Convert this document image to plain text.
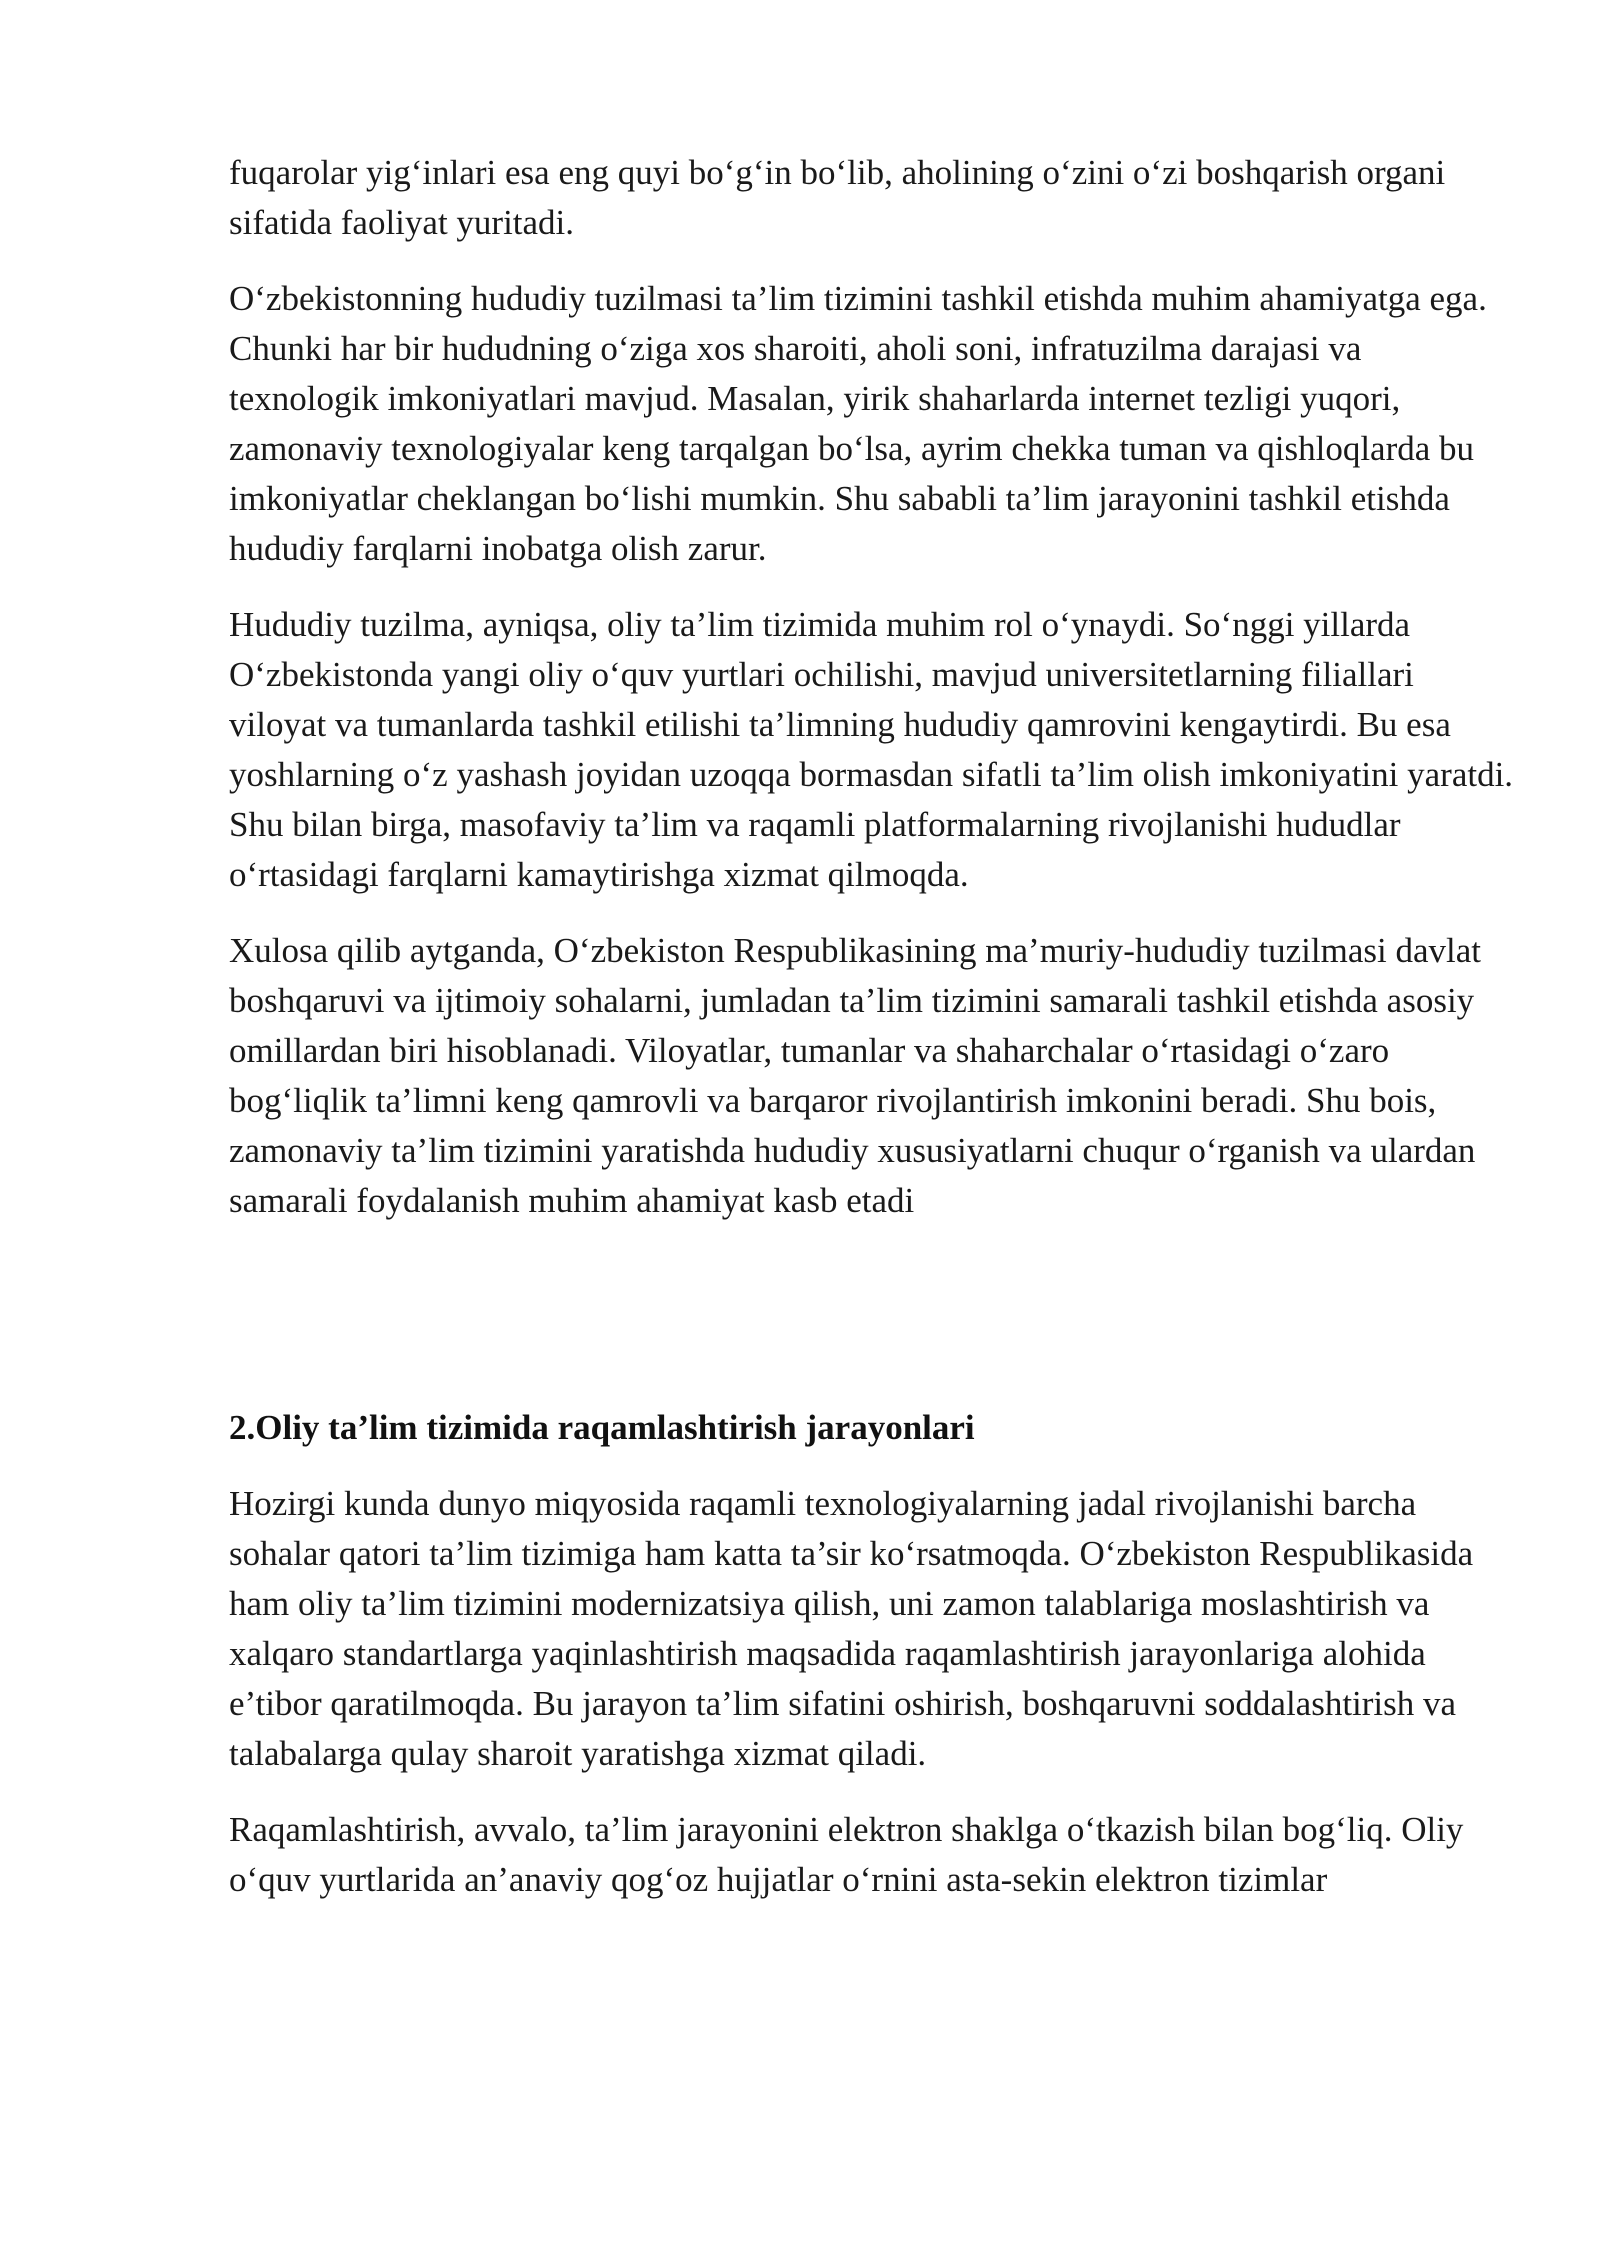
fuqarolar yig‘inlari esa eng quyi bo‘g‘in bo‘lib, aholining o‘zini o‘zi boshqarish organi sifatida faoliyat yuritadi.

O‘zbekistonning hududiy tuzilmasi ta’lim tizimini tashkil etishda muhim ahamiyatga ega. Chunki har bir hududning o‘ziga xos sharoiti, aholi soni, infratuzilma darajasi va texnologik imkoniyatlari mavjud. Masalan, yirik shaharlarda internet tezligi yuqori, zamonaviy texnologiyalar keng tarqalgan bo‘lsa, ayrim chekka tuman va qishloqlarda bu imkoniyatlar cheklangan bo‘lishi mumkin. Shu sababli ta’lim jarayonini tashkil etishda hududiy farqlarni inobatga olish zarur.

Hududiy tuzilma, ayniqsa, oliy ta’lim tizimida muhim rol o‘ynaydi. So‘nggi yillarda O‘zbekistonda yangi oliy o‘quv yurtlari ochilishi, mavjud universitetlarning filiallari viloyat va tumanlarda tashkil etilishi ta’limning hududiy qamrovini kengaytirdi. Bu esa yoshlarning o‘z yashash joyidan uzoqqa bormasdan sifatli ta’lim olish imkoniyatini yaratdi. Shu bilan birga, masofaviy ta’lim va raqamli platformalarning rivojlanishi hududlar o‘rtasidagi farqlarni kamaytirishga xizmat qilmoqda.

Xulosa qilib aytganda, O‘zbekiston Respublikasining ma’muriy-hududiy tuzilmasi davlat boshqaruvi va ijtimoiy sohalarni, jumladan ta’lim tizimini samarali tashkil etishda asosiy omillardan biri hisoblanadi. Viloyatlar, tumanlar va shaharchalar o‘rtasidagi o‘zaro bog‘liqlik ta’limni keng qamrovli va barqaror rivojlantirish imkonini beradi. Shu bois, zamonaviy ta’lim tizimini yaratishda hududiy xususiyatlarni chuqur o‘rganish va ulardan samarali foydalanish muhim ahamiyat kasb etadi

2.Oliy ta’lim tizimida raqamlashtirish jarayonlari

Hozirgi kunda dunyo miqyosida raqamli texnologiyalarning jadal rivojlanishi barcha sohalar qatori ta’lim tizimiga ham katta ta’sir ko‘rsatmoqda. O‘zbekiston Respublikasida ham oliy ta’lim tizimini modernizatsiya qilish, uni zamon talablariga moslashtirish va xalqaro standartlarga yaqinlashtirish maqsadida raqamlashtirish jarayonlariga alohida e’tibor qaratilmoqda. Bu jarayon ta’lim sifatini oshirish, boshqaruvni soddalashtirish va talabalarga qulay sharoit yaratishga xizmat qiladi.

Raqamlashtirish, avvalo, ta’lim jarayonini elektron shaklga o‘tkazish bilan bog‘liq. Oliy o‘quv yurtlarida an’anaviy qog‘oz hujjatlar o‘rnini asta-sekin elektron tizimlar
